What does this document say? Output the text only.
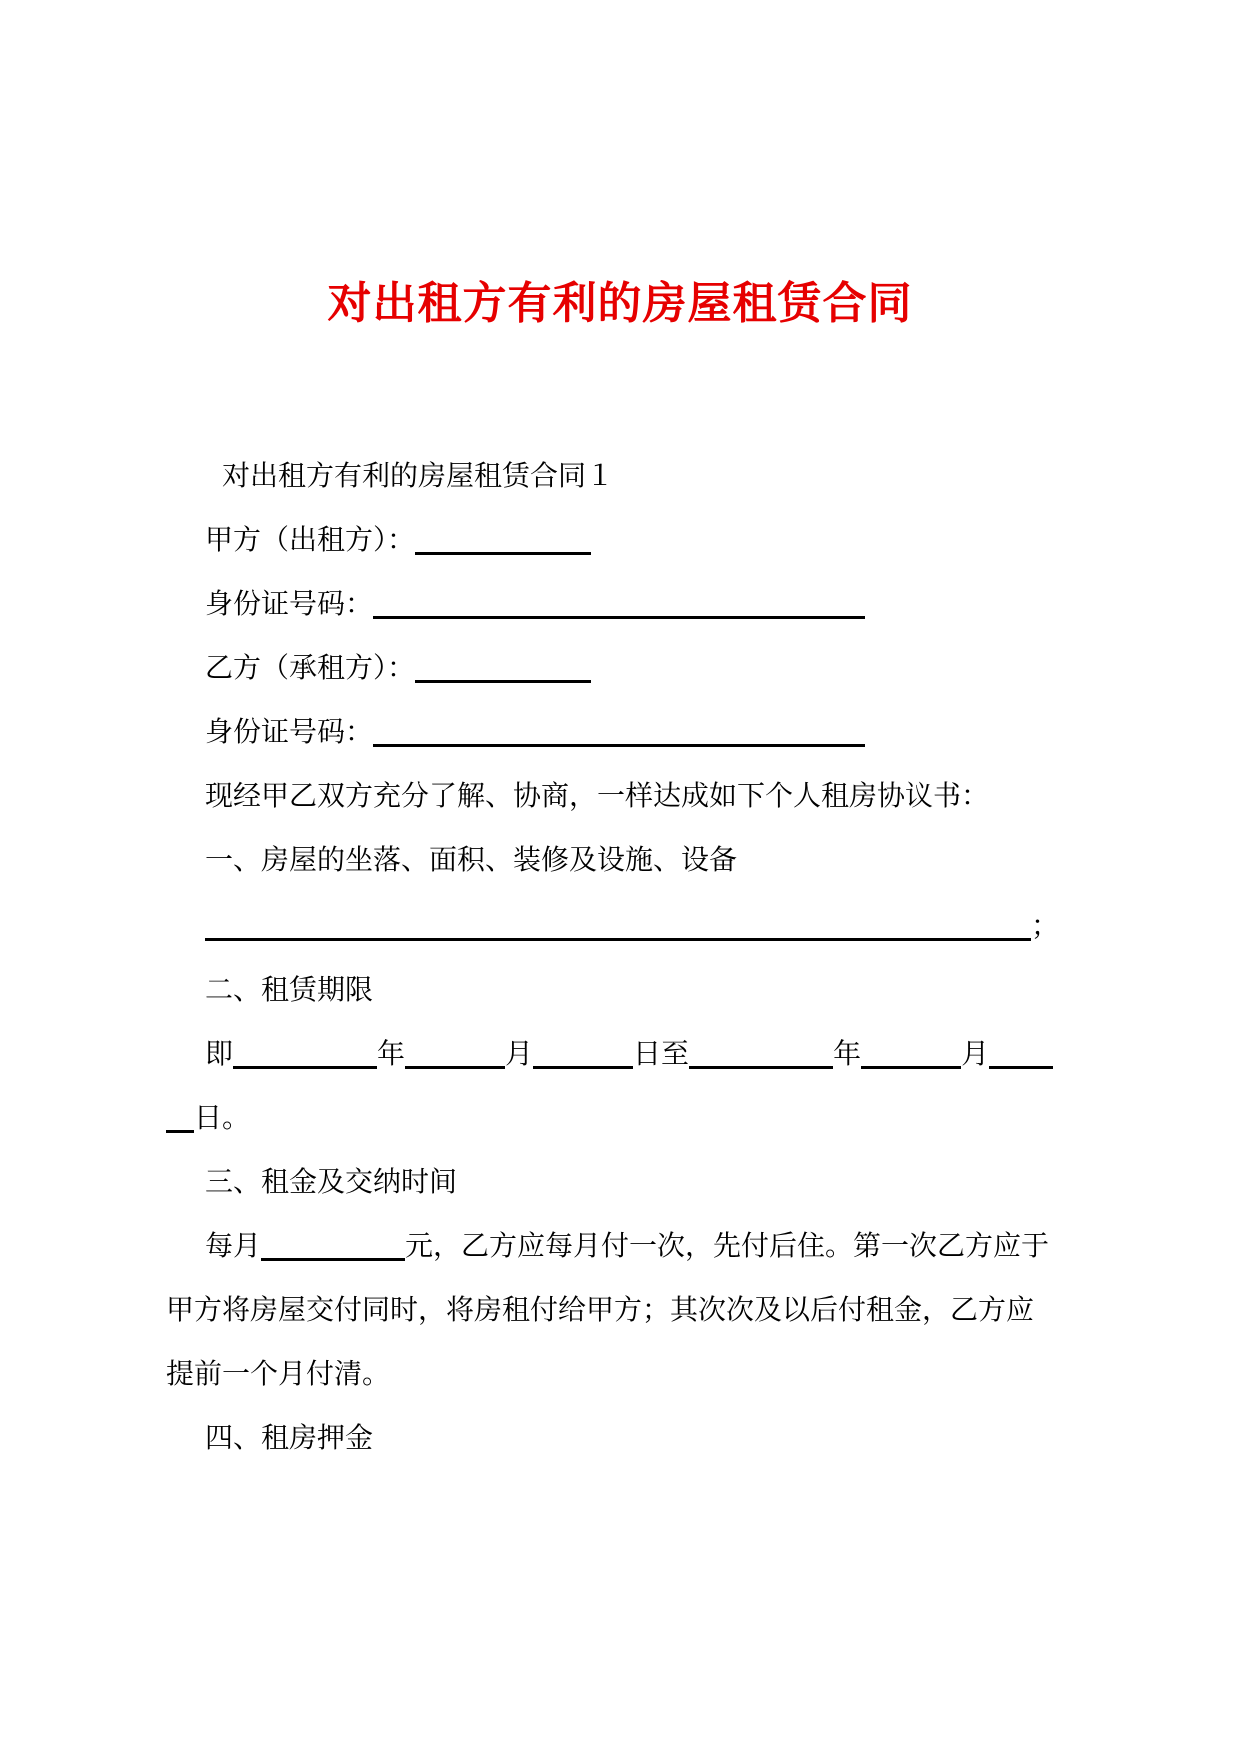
对出租方有利的房屋租赁合同
对出租方有利的房屋租赁合同１
甲方（出租方）：
身份证号码：
乙方（承租方）：
身份证号码：
现经甲乙双方充分了解、协商，一样达成如下个人租房协议书：
一、房屋的坐落、面积、装修及设施、设备
；
二、租赁期限
即	年	月	日至	年	月
日。
三、租金及交纳时间
每月	元，乙方应每月付一次，先付后住。第一次乙方应于
甲方将房屋交付同时，将房租付给甲方；其次次及以后付租金，乙方应
提前一个月付清。
四、租房押金
